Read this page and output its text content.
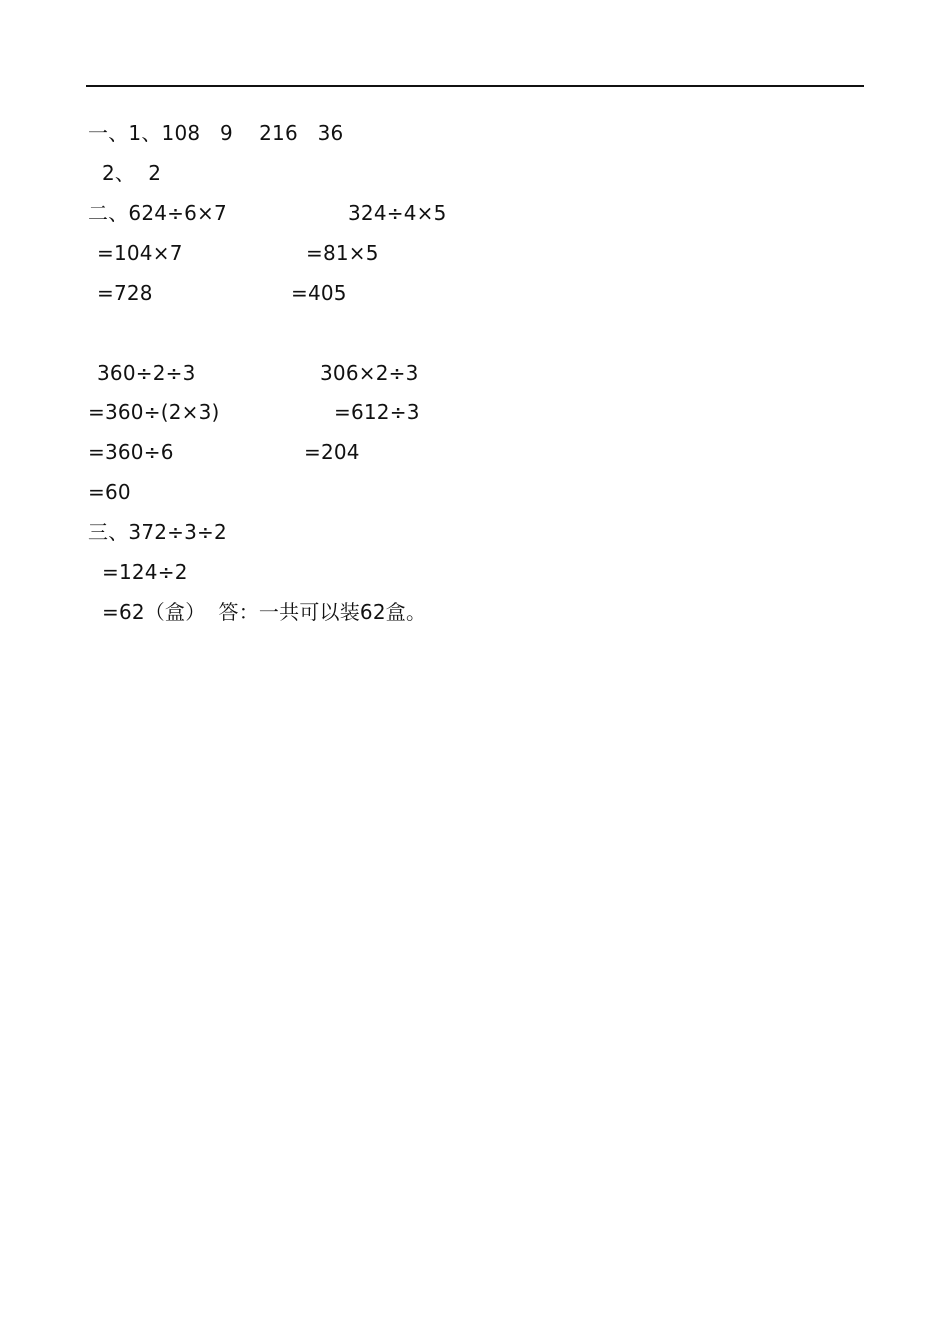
一、1、108   9    216   36
2、  2
二、624÷6×7	324÷4×5
=104×7	=81×5
=728	=405
360÷2÷3	306×2÷3
=360÷(2×3)	=612÷3
=360÷6	=204
=60
三、372÷3÷2
=124÷2
=62（盒）  答：一共可以装62盒。
